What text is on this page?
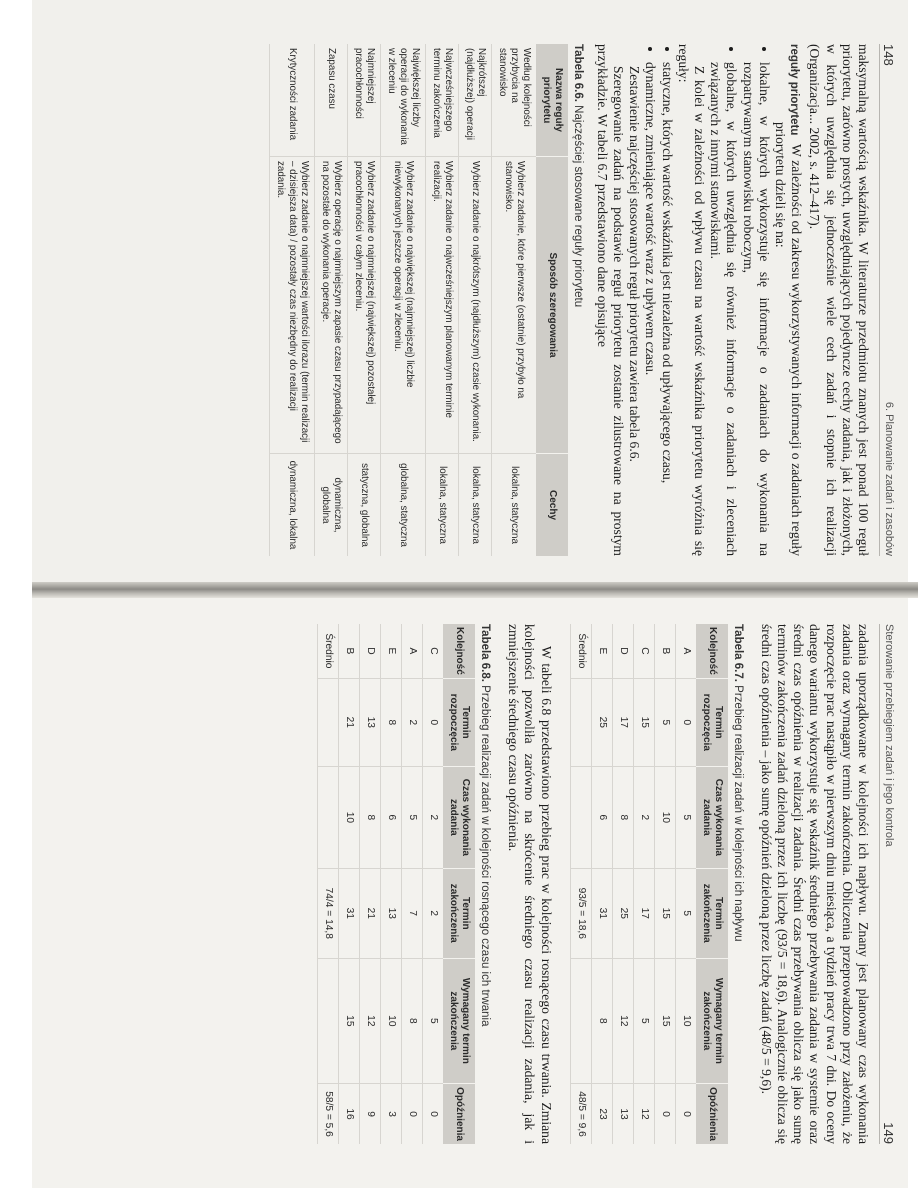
148
6. Planowanie zadań i zasobów

maksymalną wartością wskaźnika. W literaturze przedmiotu znanych jest ponad 100 reguł priorytetu, zarówno prostych, uwzględniających pojedyncze cechy zadania, jak i złożonych, w których uwzględnia się jednocześnie wiele cech zadań i stopnie ich realizacji (Organizacja... 2002, s. 412–417).

reguły priorytetu

W zależności od zakresu wykorzystywanych informacji o zadaniach reguły priorytetu dzieli się na:

• lokalne, w których wykorzystuje się informacje o zadaniach do wykonania na rozpatrywanym stanowisku roboczym,
• globalne, w których uwzględnia się również informacje o zadaniach i zleceniach związanych z innymi stanowiskami.

Z kolei w zależności od wpływu czasu na wartość wskaźnika priorytetu wyróżnia się reguły:

• statyczne, których wartość wskaźnika jest niezależna od upływającego czasu,
• dynamiczne, zmieniające wartość wraz z upływem czasu.

Zestawienie najczęściej stosowanych reguł priorytetu zawiera tabela 6.6.

Szeregowanie zadań na podstawie reguł priorytetu zostanie zilustrowane na prostym przykładzie. W tabeli 6.7 przedstawiono dane opisujące

Tabela 6.6. Najczęściej stosowane reguły priorytetu
Nazwa reguły priorytetu	Sposób szeregowania	Cechy
Według kolejności przybycia na stanowisko	Wybierz zadanie, które pierwsze (ostatnie) przybyło na stanowisko.	lokalna, statyczna
Najkrótszej (najdłuższej) operacji	Wybierz zadanie o najkrótszym (najdłuższym) czasie wykonania.	lokalna, statyczna
Najwcześniejszego terminu zakończenia	Wybierz zadanie o najwcześniejszym planowanym terminie realizacji.	lokalna, statyczna
Największej liczby operacji do wykonania w zleceniu	Wybierz zadanie o największej (najmniejszej) liczbie niewykonanych jeszcze operacji w zleceniu.	globalna, statyczna
Najmniejszej pracochłonności	Wybierz zadanie o najmniejszej (największej) pozostałej pracochłonności w całym zleceniu.	statyczna, globalna
Zapasu czasu	Wybierz operację o najmniejszym zapasie czasu przypadającego na pozostałe do wykonania operacje.	dynamiczna, globalna
Krytyczności zadania	Wybierz zadanie o najmniejszej wartości ilorazu (termin realizacji – dzisiejsza data) / pozostały czas niezbędny do realizacji zadania.	dynamiczna, lokalna
Sterowanie przebiegiem zadań i jego kontrola
149

zadania uporządkowane w kolejności ich napływu. Znany jest planowany czas wykonania zadania oraz wymagany termin zakończenia. Obliczenia przeprowadzono przy założeniu, że rozpoczęcie prac nastąpiło w pierwszym dniu miesiąca, a tydzień pracy trwa 7 dni. Do oceny danego wariantu wykorzystuje się wskaźnik średniego przebywania zadania w systemie oraz średni czas opóźnienia w realizacji zadania. Średni czas przebywania oblicza się jako sumę terminów zakończenia zadań dzieloną przez ich liczbę (93/5 = 18,6). Analogicznie oblicza się średni czas opóźnienia – jako sumę opóźnień dzieloną przez liczbę zadań (48/5 = 9,6).

Tabela 6.7. Przebieg realizacji zadań w kolejności ich napływu
Kolejność	Termin rozpoczęcia	Czas wykonania zadania	Termin zakończenia	Wymagany termin zakończenia	Opóźnienia
A	0	5	5	10	0
B	5	10	15	15	0
C	15	2	17	5	12
D	17	8	25	12	13
E	25	6	31	8	23
Średnio			93/5 = 18,6		48/5 = 9,6

W tabeli 6.8 przedstawiono przebieg prac w kolejności rosnącego czasu trwania. Zmiana kolejności pozwoliła zarówno na skrócenie średniego czasu realizacji zadania, jak i zmniejszenie średniego czasu opóźnienia.

Tabela 6.8. Przebieg realizacji zadań w kolejności rosnącego czasu ich trwania
Kolejność	Termin rozpoczęcia	Czas wykonania zadania	Termin zakończenia	Wymagany termin zakończenia	Opóźnienia
C	0	2	2	5	0
A	2	5	7	8	0
E	8	6	13	10	3
D	13	8	21	12	9
B	21	10	31	15	16
Średnio			74/4 = 14,8		58/5 = 5,6
